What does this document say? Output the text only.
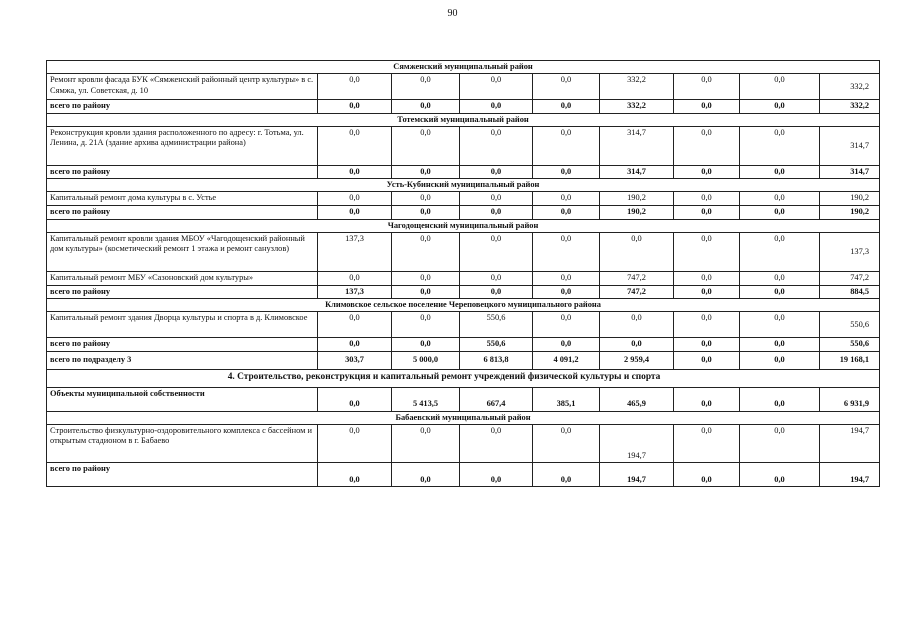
90
Сямженский муниципальный район									
Ремонт кровли фасада БУК «Сямженский районный центр культуры» в с. Сямжа, ул. Советская, д. 10	0,0	0,0	0,0	0,0	332,2	0,0	0,0	332,2	
всего по району	0,0	0,0	0,0	0,0	332,2	0,0	0,0	332,2	
Тотемский муниципальный район									
Реконструкция кровли здания расположенного по адресу: г. Тотьма, ул. Ленина, д. 21А (здание архива администрации района)	0,0	0,0	0,0	0,0	314,7	0,0	0,0	314,7	
всего по району	0,0	0,0	0,0	0,0	314,7	0,0	0,0	314,7	
Усть-Кубинский муниципальный район									
Капитальный ремонт дома культуры в с. Устье	0,0	0,0	0,0	0,0	190,2	0,0	0,0	190,2	
всего по району	0,0	0,0	0,0	0,0	190,2	0,0	0,0	190,2	
Чагодощенский муниципальный район									
Капитальный ремонт кровли здания МБОУ «Чагодощенский районный дом культуры» (косметический ремонт 1 этажа и ремонт санузлов)	137,3	0,0	0,0	0,0	0,0	0,0	0,0	137,3	
Капитальный ремонт МБУ «Сазоновский дом культуры»	0,0	0,0	0,0	0,0	747,2	0,0	0,0	747,2	
всего по району	137,3	0,0	0,0	0,0	747,2	0,0	0,0	884,5	
Климовское сельское поселение Череповецкого муниципального района									
Капитальный ремонт здания Дворца культуры и спорта в д. Климовское	0,0	0,0	550,6	0,0	0,0	0,0	0,0	550,6	
всего по району	0,0	0,0	550,6	0,0	0,0	0,0	0,0	550,6	
всего по подразделу 3	303,7	5 000,0	6 813,8	4 091,2	2 959,4	0,0	0,0	19 168,1	
4. Строительство, реконструкция и капитальный ремонт учреждений физической культуры и спорта									
Объекты муниципальной собственности	0,0	5 413,5	667,4	385,1	465,9	0,0	0,0	6 931,9	
Бабаевский муниципальный район									
Строительство физкультурно-оздоровительного комплекса с бассейном и открытым стадионом в г. Бабаево	0,0	0,0	0,0	0,0	194,7	0,0	0,0	194,7	
всего по району	0,0	0,0	0,0	0,0	194,7	0,0	0,0	194,7	
